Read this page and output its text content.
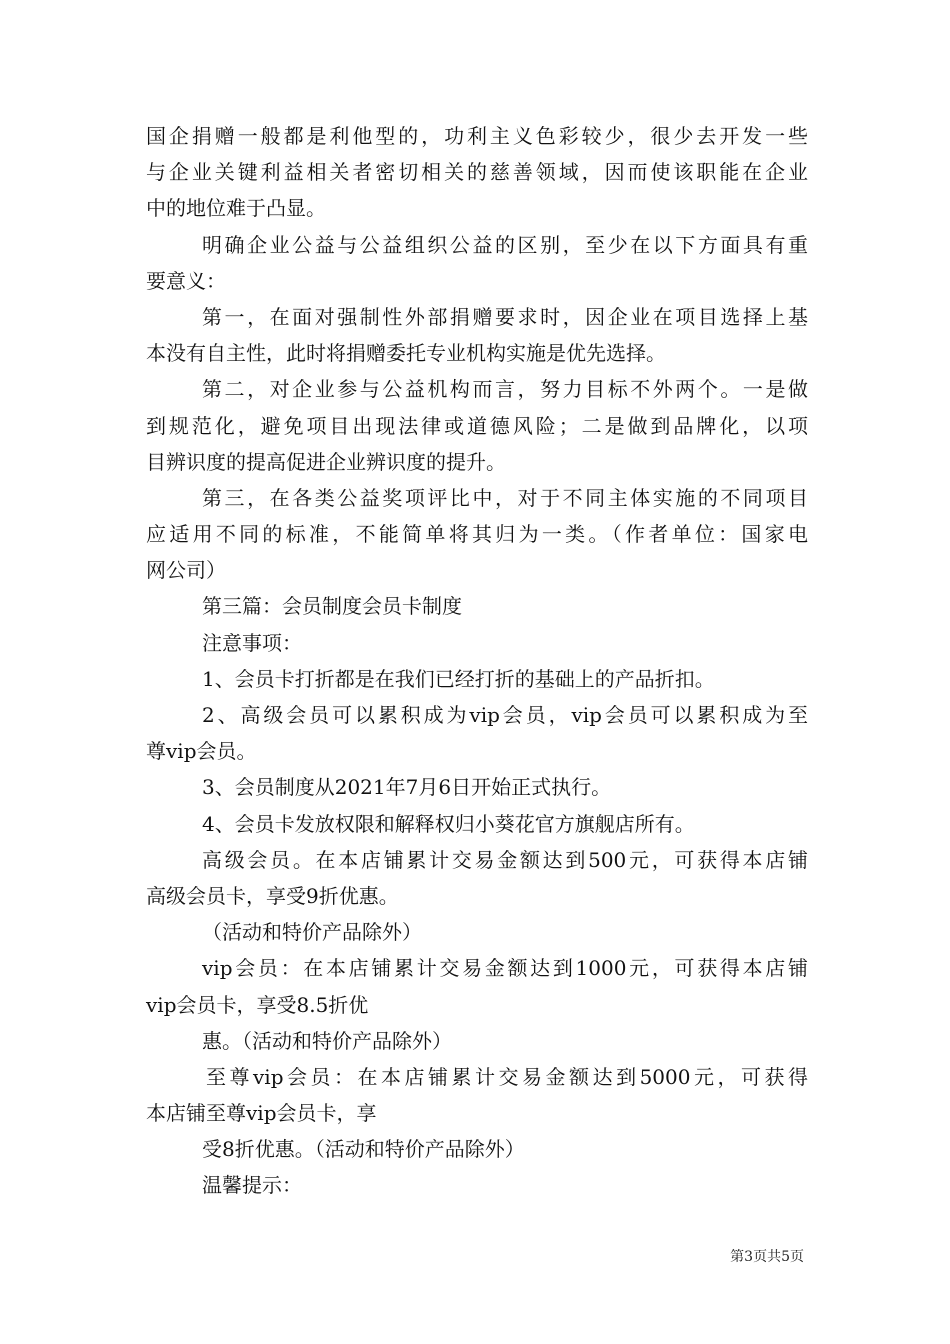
国企捐赠一般都是利他型的，功利主义色彩较少，很少去开发一些
与企业关键利益相关者密切相关的慈善领域，因而使该职能在企业
中的地位难于凸显。
明确企业公益与公益组织公益的区别，至少在以下方面具有重
要意义：
第一，在面对强制性外部捐赠要求时，因企业在项目选择上基
本没有自主性，此时将捐赠委托专业机构实施是优先选择。
第二，对企业参与公益机构而言，努力目标不外两个。一是做
到规范化，避免项目出现法律或道德风险；二是做到品牌化，以项
目辨识度的提高促进企业辨识度的提升。
第三，在各类公益奖项评比中，对于不同主体实施的不同项目
应适用不同的标准，不能简单将其归为一类。（作者单位：国家电
网公司）
第三篇：会员制度会员卡制度
注意事项：
1、会员卡打折都是在我们已经打折的基础上的产品折扣。
2、高级会员可以累积成为vip会员，vip会员可以累积成为至
尊vip会员。
3、会员制度从2021年7月6日开始正式执行。
4、会员卡发放权限和解释权归小葵花官方旗舰店所有。
高级会员。在本店铺累计交易金额达到500元，可获得本店铺
高级会员卡，享受9折优惠。
（活动和特价产品除外）
vip会员：在本店铺累计交易金额达到1000元，可获得本店铺
vip会员卡，享受8.5折优
惠。（活动和特价产品除外）
至尊vip会员：在本店铺累计交易金额达到5000元，可获得
本店铺至尊vip会员卡，享
受8折优惠。（活动和特价产品除外）
温馨提示：
第3页共5页
